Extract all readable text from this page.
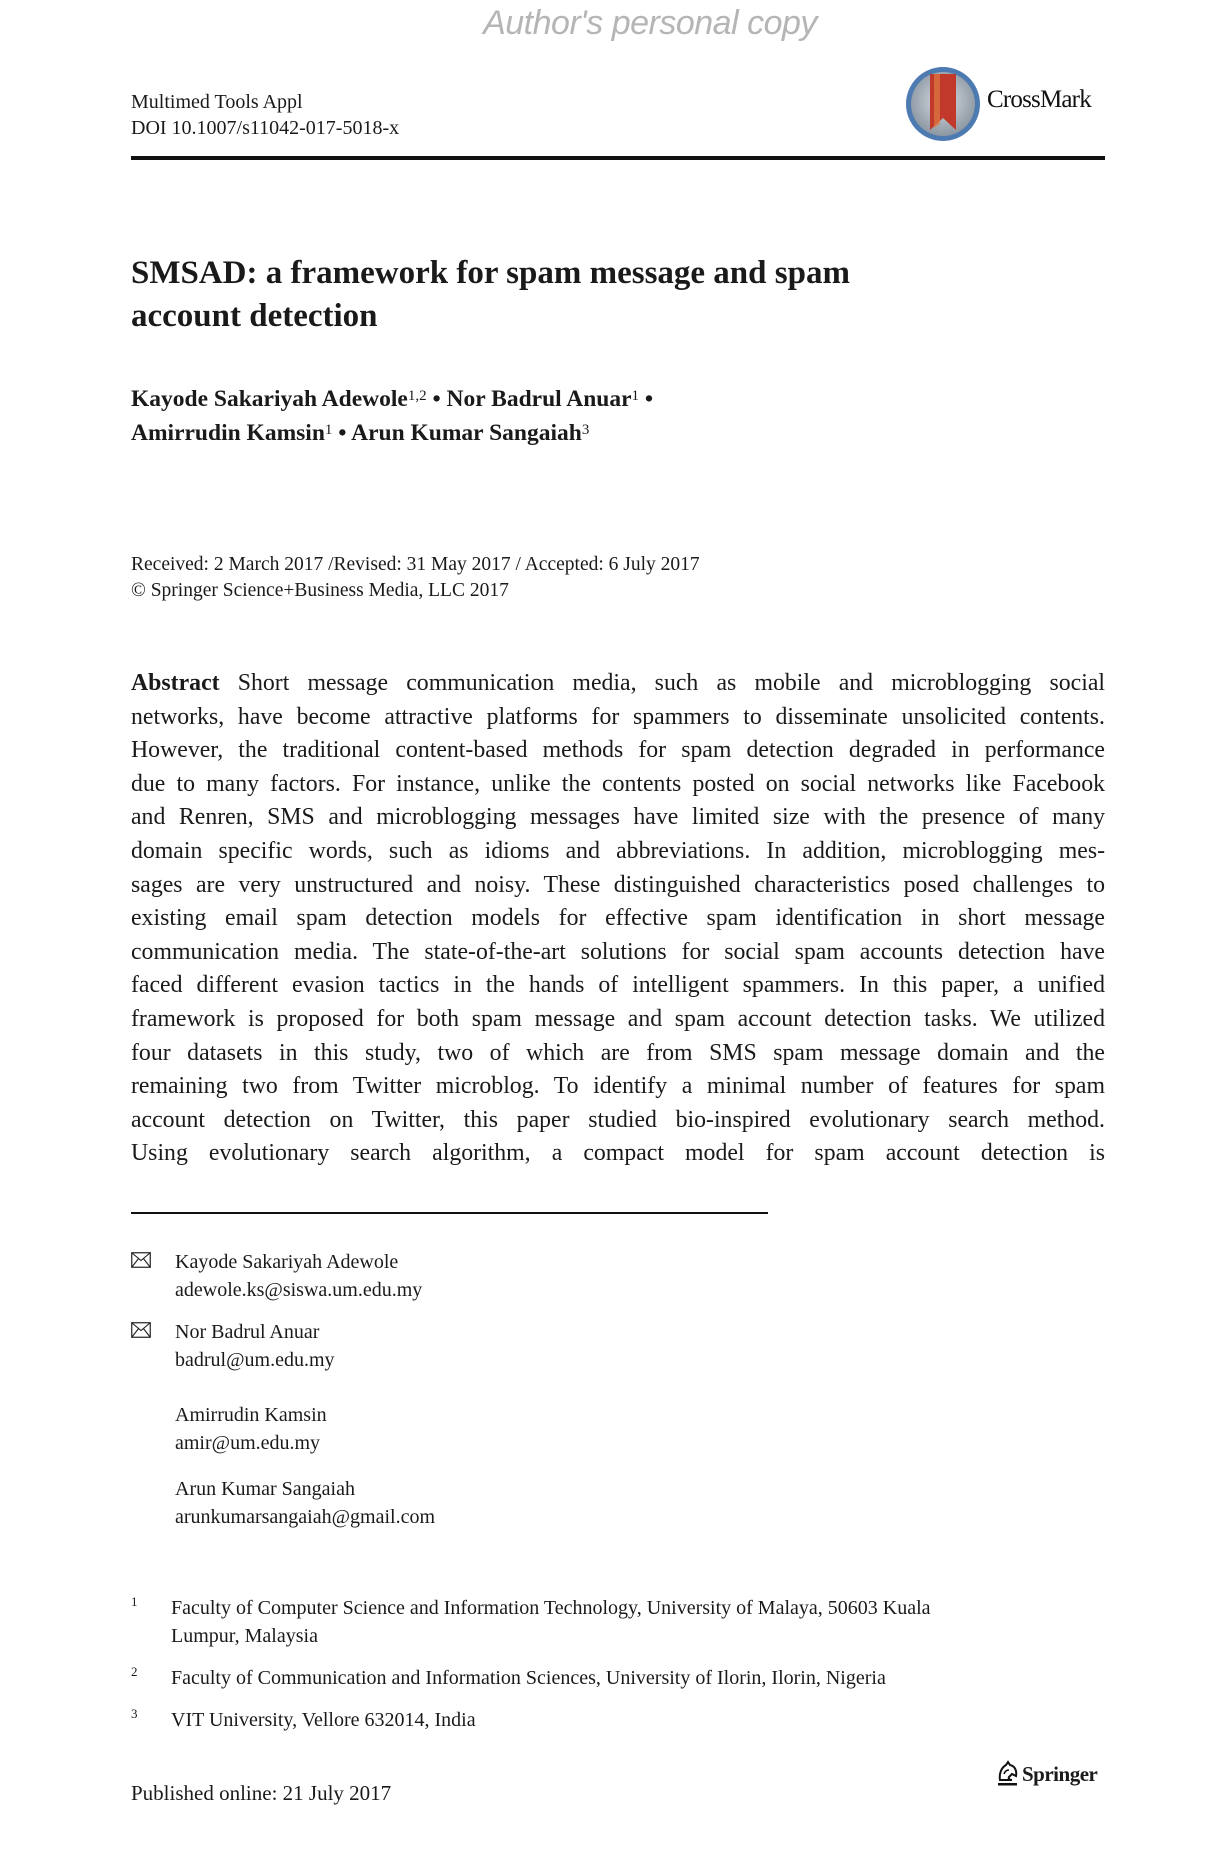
Author's personal copy
Multimed Tools Appl
DOI 10.1007/s11042-017-5018-x
CrossMark
SMSAD: a framework for spam message and spam
account detection
Kayode Sakariyah Adewole$^{1,2}$ • Nor Badrul Anuar$^1$ •
Amirrudin Kamsin$^1$ • Arun Kumar Sangaiah$^3$
Received: 2 March 2017 /Revised: 31 May 2017 / Accepted: 6 July 2017
© Springer Science+Business Media, LLC 2017
Abstract Short message communication media, such as mobile and microblogging social
networks, have become attractive platforms for spammers to disseminate unsolicited contents.
However, the traditional content-based methods for spam detection degraded in performance
due to many factors. For instance, unlike the contents posted on social networks like Facebook
and Renren, SMS and microblogging messages have limited size with the presence of many
domain specific words, such as idioms and abbreviations. In addition, microblogging mes-
sages are very unstructured and noisy. These distinguished characteristics posed challenges to
existing email spam detection models for effective spam identification in short message
communication media. The state-of-the-art solutions for social spam accounts detection have
faced different evasion tactics in the hands of intelligent spammers. In this paper, a unified
framework is proposed for both spam message and spam account detection tasks. We utilized
four datasets in this study, two of which are from SMS spam message domain and the
remaining two from Twitter microblog. To identify a minimal number of features for spam
account detection on Twitter, this paper studied bio-inspired evolutionary search method.
Using evolutionary search algorithm, a compact model for spam account detection is
Kayode Sakariyah Adewole
adewole.ks@siswa.um.edu.my
Nor Badrul Anuar
badrul@um.edu.my
Amirrudin Kamsin
amir@um.edu.my
Arun Kumar Sangaiah
arunkumarsangaiah@gmail.com
1 Faculty of Computer Science and Information Technology, University of Malaya, 50603 Kuala
Lumpur, Malaysia
2 Faculty of Communication and Information Sciences, University of Ilorin, Ilorin, Nigeria
3 VIT University, Vellore 632014, India
Published online: 21 July 2017
Springer
